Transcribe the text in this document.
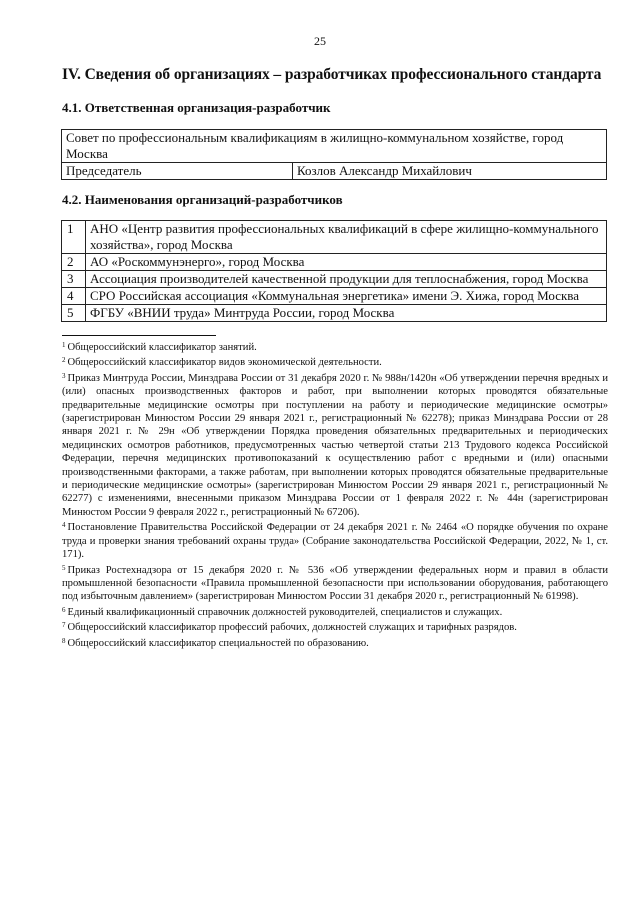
25
IV. Сведения об организациях – разработчиках профессионального стандарта
4.1. Ответственная организация-разработчик
Совет по профессиональным квалификациям в жилищно-коммунальном хозяйстве, город Москва
Председатель	Козлов Александр Михайлович
4.2. Наименования организаций-разработчиков
1	АНО «Центр развития профессиональных квалификаций в сфере жилищно-коммунального хозяйства», город Москва
2	АО «Роскоммунэнерго», город Москва
3	Ассоциация производителей качественной продукции для теплоснабжения, город Москва
4	СРО Российская ассоциация «Коммунальная энергетика» имени Э. Хижа, город Москва
5	ФГБУ «ВНИИ труда» Минтруда России, город Москва

$^1$ Общероссийский классификатор занятий.

$^2$ Общероссийский классификатор видов экономической деятельности.

$^3$ Приказ Минтруда России, Минздрава России от 31 декабря 2020 г. № 988н/1420н «Об утверждении перечня вредных и (или) опасных производственных факторов и работ, при выполнении которых проводятся обязательные предварительные медицинские осмотры при поступлении на работу и периодические медицинские осмотры» (зарегистрирован Минюстом России 29 января 2021 г., регистрационный № 62278); приказ Минздрава России от 28 января 2021 г. № 29н «Об утверждении Порядка проведения обязательных предварительных и периодических медицинских осмотров работников, предусмотренных частью четвертой статьи 213 Трудового кодекса Российской Федерации, перечня медицинских противопоказаний к осуществлению работ с вредными и (или) опасными производственными факторами, а также работам, при выполнении которых проводятся обязательные предварительные и периодические медицинские осмотры» (зарегистрирован Минюстом России 29 января 2021 г., регистрационный № 62277) с изменениями, внесенными приказом Минздрава России от 1 февраля 2022 г. № 44н (зарегистрирован Минюстом России 9 февраля 2022 г., регистрационный № 67206).

$^4$ Постановление Правительства Российской Федерации от 24 декабря 2021 г. № 2464 «О порядке обучения по охране труда и проверки знания требований охраны труда» (Собрание законодательства Российской Федерации, 2022, № 1, ст. 171).

$^5$ Приказ Ростехнадзора от 15 декабря 2020 г. № 536 «Об утверждении федеральных норм и правил в области промышленной безопасности «Правила промышленной безопасности при использовании оборудования, работающего под избыточным давлением» (зарегистрирован Минюстом России 31 декабря 2020 г., регистрационный № 61998).

$^6$ Единый квалификационный справочник должностей руководителей, специалистов и служащих.

$^7$ Общероссийский классификатор профессий рабочих, должностей служащих и тарифных разрядов.

$^8$ Общероссийский классификатор специальностей по образованию.
